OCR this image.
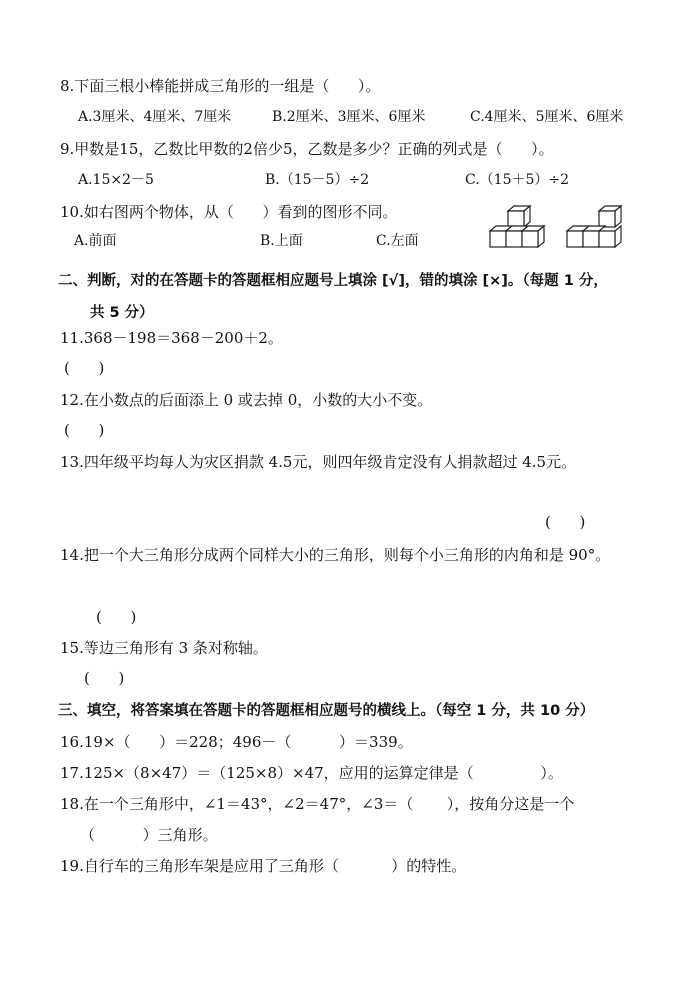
8.下面三根小棒能拼成三角形的一组是（      ）。
A.3厘米、4厘米、7厘米	B.2厘米、3厘米、6厘米	C.4厘米、5厘米、6厘米
9.甲数是15，乙数比甲数的2倍少5，乙数是多少？正确的列式是（      ）。
A.15×2－5	B.（15－5）÷2	C.（15＋5）÷2
10.如右图两个物体，从（      ）看到的图形不同。
A.前面	B.上面	C.左面
二、判断，对的在答题卡的答题框相应题号上填涂 [√]，错的填涂 [×]。（每题 1 分，
共 5 分）
11.368－198＝368－200＋2。
(      )
12.在小数点的后面添上 0 或去掉 0，小数的大小不变。
(      )
13.四年级平均每人为灾区捐款 4.5元，则四年级肯定没有人捐款超过 4.5元。
(      )
14.把一个大三角形分成两个同样大小的三角形，则每个小三角形的内角和是 90°。
(      )
15.等边三角形有 3 条对称轴。
(      )
三、填空，将答案填在答题卡的答题框相应题号的横线上。（每空 1 分，共 10 分）
16.19×（      ）＝228；496－（          ）＝339。
17.125×（8×47）＝（125×8）×47，应用的运算定律是（              ）。
18.在一个三角形中，∠1＝43°，∠2＝47°，∠3＝（       ），按角分这是一个
（          ）三角形。
19.自行车的三角形车架是应用了三角形（           ）的特性。
